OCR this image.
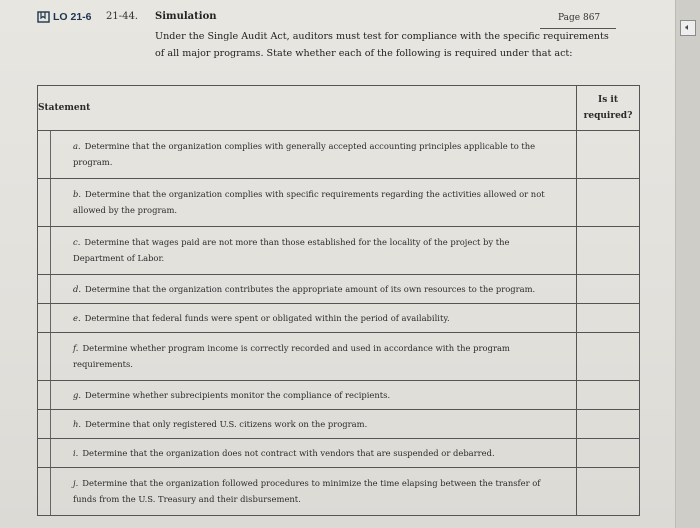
LO 21-6 21-44. Simulation	Page 867
Under the Single Audit Act, auditors must test for compliance with the specific requirements of all major programs. State whether each of the following is required under that act:
Statement	Is it
required?

a. Determine that the organization complies with generally accepted accounting principles applicable to the program.	

b. Determine that the organization complies with specific requirements regarding the activities allowed or not allowed by the program.	

c. Determine that wages paid are not more than those established for the locality of the project by the Department of Labor.	

d. Determine that the organization contributes the appropriate amount of its own resources to the program.	

e. Determine that federal funds were spent or obligated within the period of availability.	

f. Determine whether program income is correctly recorded and used in accordance with the program requirements.	

g. Determine whether subrecipients monitor the compliance of recipients.	

h. Determine that only registered U.S. citizens work on the program.	

i. Determine that the organization does not contract with vendors that are suspended or debarred.	

j. Determine that the organization followed procedures to minimize the time elapsing between the transfer of funds from the U.S. Treasury and their disbursement.	

🔈︎
